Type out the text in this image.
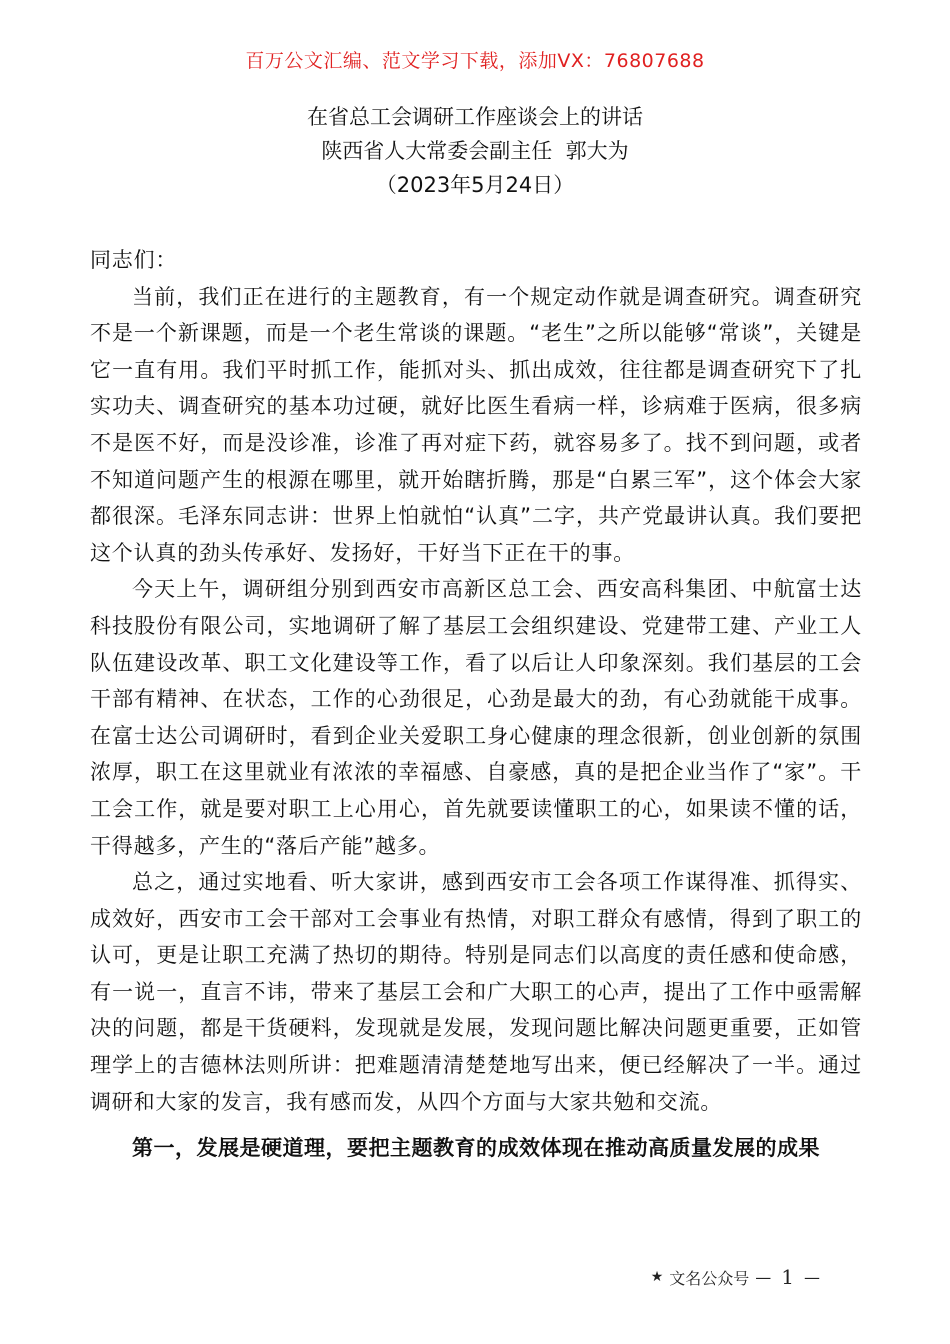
百万公文汇编、范文学习下载，添加VX：76807688
在省总工会调研工作座谈会上的讲话
陕西省人大常委会副主任  郭大为
（2023年5月24日）

同志们：

当前，我们正在进行的主题教育，有一个规定动作就是调查研究。调查研究不是一个新课题，而是一个老生常谈的课题。“老生”之所以能够“常谈”，关键是它一直有用。我们平时抓工作，能抓对头、抓出成效，往往都是调查研究下了扎实功夫、调查研究的基本功过硬，就好比医生看病一样，诊病难于医病，很多病不是医不好，而是没诊准，诊准了再对症下药，就容易多了。找不到问题，或者不知道问题产生的根源在哪里，就开始瞎折腾，那是“白累三军”，这个体会大家都很深。毛泽东同志讲：世界上怕就怕“认真”二字，共产党最讲认真。我们要把这个认真的劲头传承好、发扬好，干好当下正在干的事。

今天上午，调研组分别到西安市高新区总工会、西安高科集团、中航富士达科技股份有限公司，实地调研了解了基层工会组织建设、党建带工建、产业工人队伍建设改革、职工文化建设等工作，看了以后让人印象深刻。我们基层的工会干部有精神、在状态，工作的心劲很足，心劲是最大的劲，有心劲就能干成事。在富士达公司调研时，看到企业关爱职工身心健康的理念很新，创业创新的氛围浓厚，职工在这里就业有浓浓的幸福感、自豪感，真的是把企业当作了“家”。干工会工作，就是要对职工上心用心，首先就要读懂职工的心，如果读不懂的话，干得越多，产生的“落后产能”越多。

总之，通过实地看、听大家讲，感到西安市工会各项工作谋得准、抓得实、成效好，西安市工会干部对工会事业有热情，对职工群众有感情，得到了职工的认可，更是让职工充满了热切的期待。特别是同志们以高度的责任感和使命感，有一说一，直言不讳，带来了基层工会和广大职工的心声，提出了工作中亟需解决的问题，都是干货硬料，发现就是发展，发现问题比解决问题更重要，正如管理学上的吉德林法则所讲：把难题清清楚楚地写出来，便已经解决了一半。通过调研和大家的发言，我有感而发，从四个方面与大家共勉和交流。

第一，发展是硬道理，要把主题教育的成效体现在推动高质量发展的成果

★ 文名公众号 — 1 —
